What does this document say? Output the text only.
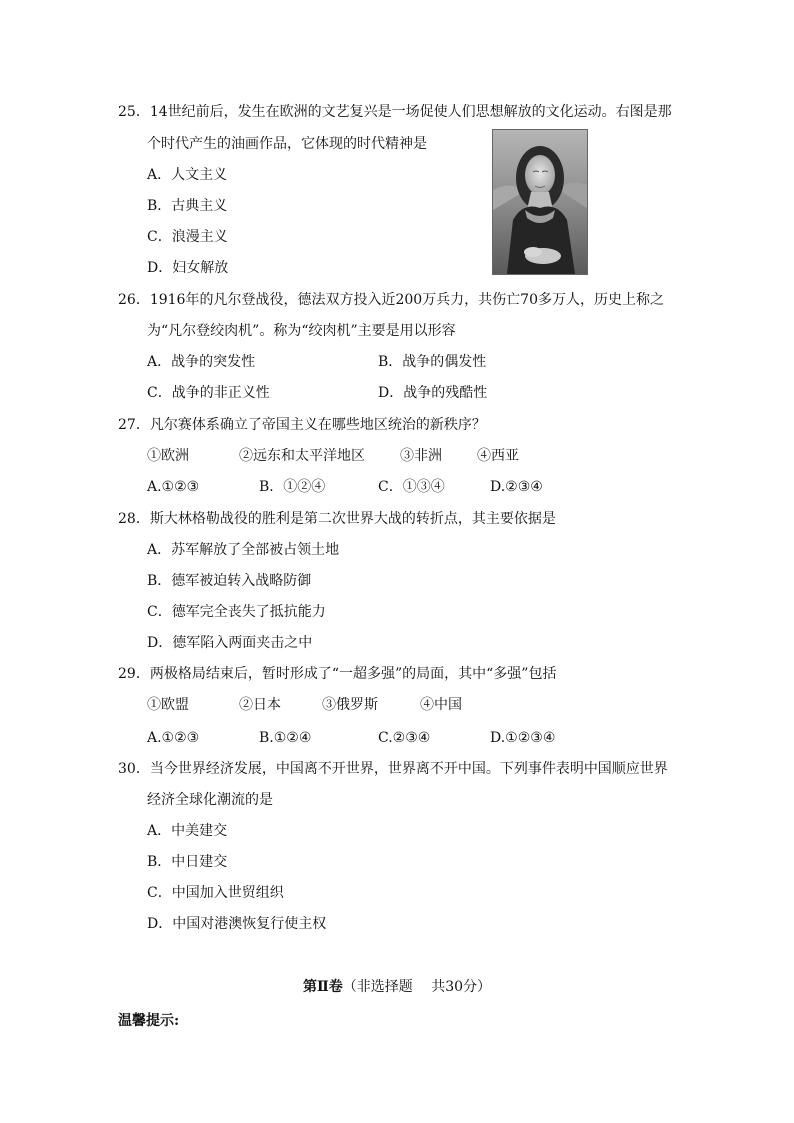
25．14世纪前后，发生在欧洲的文艺复兴是一场促使人们思想解放的文化运动。右图是那
个时代产生的油画作品，它体现的时代精神是
A．人文主义
B．古典主义
C．浪漫主义
D．妇女解放
26．1916年的凡尔登战役，德法双方投入近200万兵力，共伤亡70多万人，历史上称之
为“凡尔登绞肉机”。称为“绞肉机”主要是用以形容
A．战争的突发性	B．战争的偶发性
C．战争的非正义性	D．战争的残酷性
27．凡尔赛体系确立了帝国主义在哪些地区统治的新秩序？
①欧洲	②远东和太平洋地区	③非洲	④西亚
A.①②③	B．①②④	C．①③④	D.②③④
28．斯大林格勒战役的胜利是第二次世界大战的转折点，其主要依据是
A．苏军解放了全部被占领土地
B．德军被迫转入战略防御
C．德军完全丧失了抵抗能力
D．德军陷入两面夹击之中
29．两极格局结束后，暂时形成了“一超多强”的局面，其中“多强”包括
①欧盟	②日本	③俄罗斯	④中国
A.①②③	B.①②④	C.②③④	D.①②③④
30．当今世界经济发展，中国离不开世界，世界离不开中国。下列事件表明中国顺应世界
经济全球化潮流的是
A．中美建交
B．中日建交
C．中国加入世贸组织
D．中国对港澳恢复行使主权
第Ⅱ卷（非选择题　 共30分）
温馨提示:
